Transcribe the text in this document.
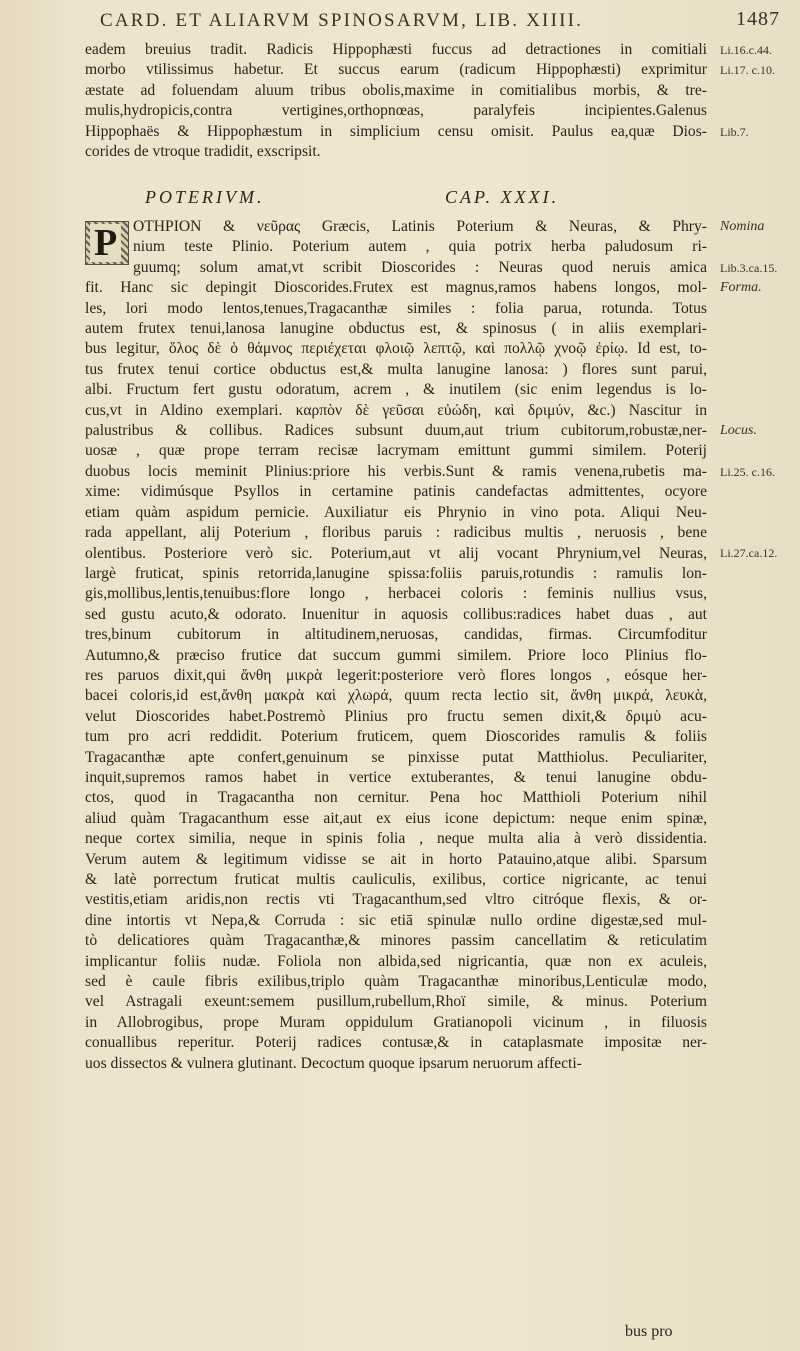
CARD. ET ALIARVM SPINOSARVM, LIB. XIIII.	1487
eadem breuius tradit. Radicis Hippophæsti fuccus ad detractiones in comitiali
morbo vtilissimus habetur. Et succus earum (radicum Hippophæsti) exprimitur
æstate ad foluendam aluum tribus obolis,maxime in comitialibus morbis, & tre-
mulis,hydropicis,contra vertigines,orthopnœas, paralyfeis incipientes.Galenus
Hippophaës & Hippophæstum in simplicium censu omisit. Paulus ea,quæ Dios-
corides de vtroque tradidit, exscripsit.
POTERIVM.	CAP. XXXI.
P	OTHPION & νεῦρας Græcis, Latinis Poterium & Neuras, & Phry-
nium teste Plinio. Poterium autem , quia potrix herba paludosum ri-
guumq; solum amat,vt scribit Dioscorides : Neuras quod neruis amica
fit. Hanc sic depingit Dioscorides.Frutex est magnus,ramos habens longos, mol-
les, lori modo lentos,tenues,Tragacanthæ similes : folia parua, rotunda. Totus
autem frutex tenui,lanosa lanugine obductus est, & spinosus ( in aliis exemplari-
bus legitur, ὅλος δὲ ὁ θάμνος περιέχεται φλοιῷ λεπτῷ, καὶ πολλῷ χνοῷ ἐρίῳ. Id est, to-
tus frutex tenui cortice obductus est,& multa lanugine lanosa: ) flores sunt parui,
albi. Fructum fert gustu odoratum, acrem , & inutilem (sic enim legendus is lo-
cus,vt in Aldino exemplari. καρπὸν δὲ γεῦσαι εὐώδη, καὶ δριμύν, &c.) Nascitur in
palustribus & collibus. Radices subsunt duum,aut trium cubitorum,robustæ,ner-
uosæ , quæ prope terram recisæ lacrymam emittunt gummi similem. Poterij
duobus locis meminit Plinius:priore his verbis.Sunt & ramis venena,rubetis ma-
xime: vidimúsque Psyllos in certamine patinis candefactas admittentes, ocyore
etiam quàm aspidum pernicie. Auxiliatur eis Phrynio in vino pota. Aliqui Neu-
rada appellant, alij Poterium , floribus paruis : radicibus multis , neruosis , bene
olentibus. Posteriore verò sic. Poterium,aut vt alij vocant Phrynium,vel Neuras,
largè fruticat, spinis retorrida,lanugine spissa:foliis paruis,rotundis : ramulis lon-
gis,mollibus,lentis,tenuibus:flore longo , herbacei coloris : feminis nullius vsus,
sed gustu acuto,& odorato. Inuenitur in aquosis collibus:radices habet duas , aut
tres,binum cubitorum in altitudinem,neruosas, candidas, firmas. Circumfoditur
Autumno,& præciso frutice dat succum gummi similem. Priore loco Plinius flo-
res paruos dixit,qui ἄνθη μικρὰ legerit:posteriore verò flores longos , eósque her-
bacei coloris,id est,ἄνθη μακρὰ καὶ χλωρά, quum recta lectio sit, ἄνθη μικρά, λευκὰ,
velut Dioscorides habet.Postremò Plinius pro fructu semen dixit,& δριμὺ acu-
tum pro acri reddidit. Poterium fruticem, quem Dioscorides ramulis & foliis
Tragacanthæ apte confert,genuinum se pinxisse putat Matthiolus. Peculiariter,
inquit,supremos ramos habet in vertice extuberantes, & tenui lanugine obdu-
ctos, quod in Tragacantha non cernitur. Pena hoc Matthioli Poterium nihil
aliud quàm Tragacanthum esse ait,aut ex eius icone depictum: neque enim spinæ,
neque cortex similia, neque in spinis folia , neque multa alia à verò dissidentia.
Verum autem & legitimum vidisse se ait in horto Patauino,atque alibi. Sparsum
& latè porrectum fruticat multis cauliculis, exilibus, cortice nigricante, ac tenui
vestitis,etiam aridis,non rectis vti Tragacanthum,sed vltro citróque flexis, & or-
dine intortis vt Nepa,& Corruda : sic etiā spinulæ nullo ordine digestæ,sed mul-
tò delicatiores quàm Tragacanthæ,& minores passim cancellatim & reticulatim
implicantur foliis nudæ. Foliola non albida,sed nigricantia, quæ non ex aculeis,
sed è caule fibris exilibus,triplo quàm Tragacanthæ minoribus,Lenticulæ modo,
vel Astragali exeunt:semem pusillum,rubellum,Rhoï simile, & minus. Poterium
in Allobrogibus, prope Muram oppidulum Gratianopoli vicinum , in filuosis
conuallibus reperitur. Poterij radices contusæ,& in cataplasmate impositæ ner-
uos dissectos & vulnera glutinant. Decoctum quoque ipsarum neruorum affecti-
Li.16.c.44.
Li.17. c.10.
Lib.7.
Nomina
Lib.3.ca.15.
Forma.
Locus.
Li.25. c.16.
Li.27.ca.12.
bus pro
